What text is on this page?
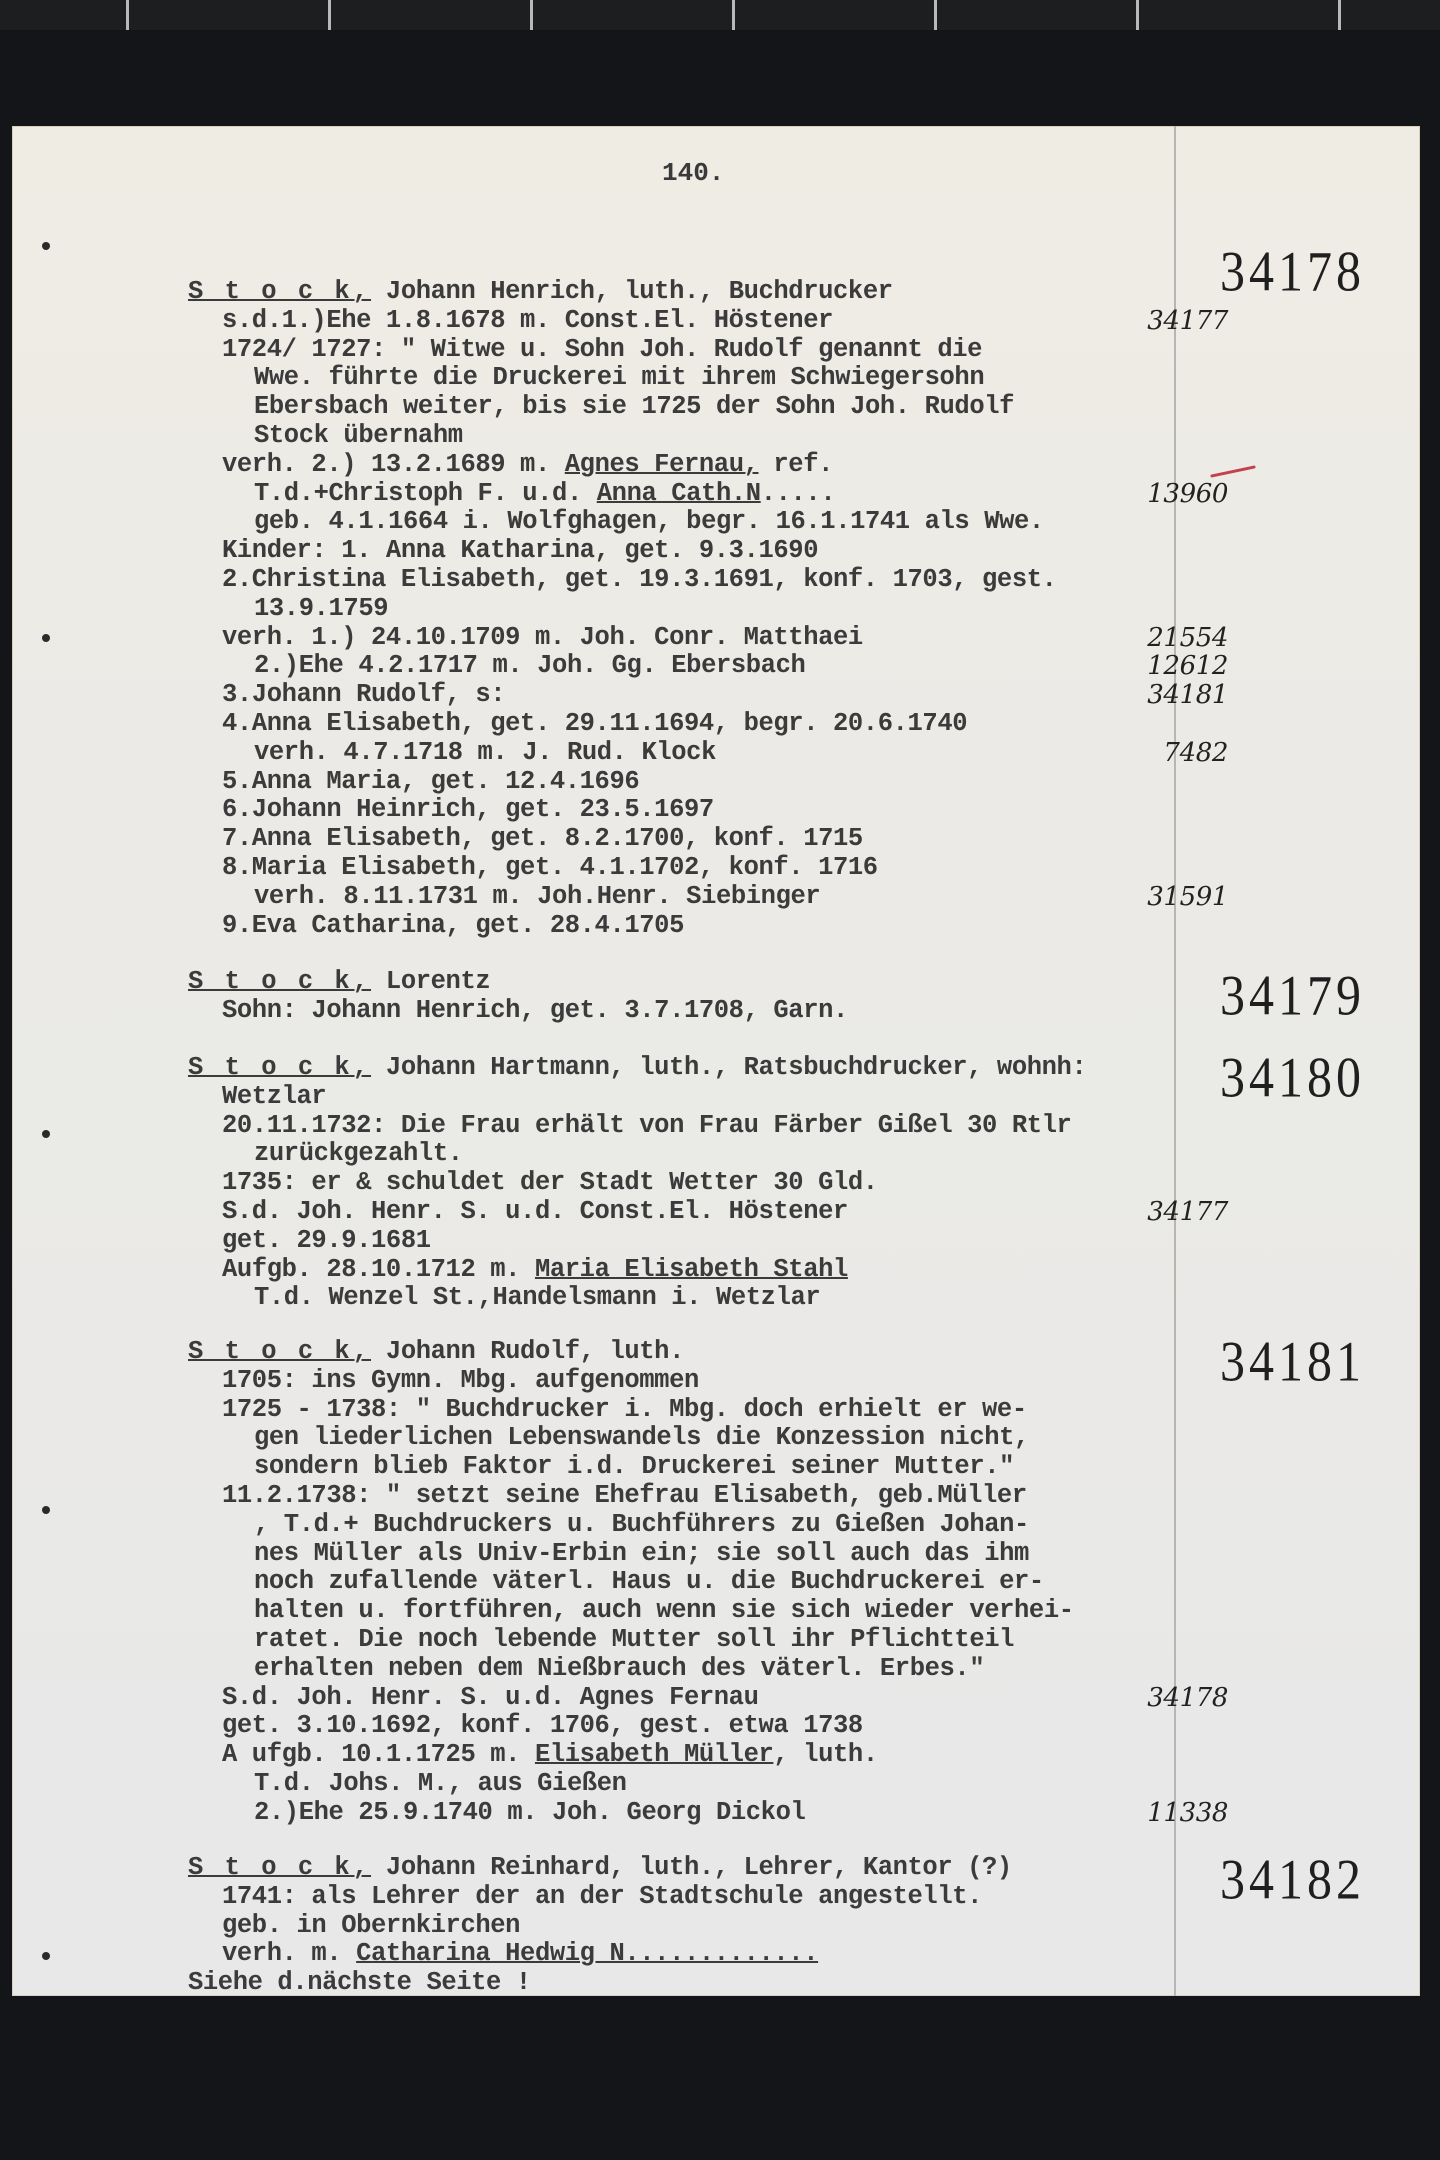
140.
34178
34179
34180
34181
34182
S t o c k, Johann Henrich, luth., Buchdrucker
s.d.1.)Ehe 1.8.1678 m. Const.El. Höstener	34177
1724/ 1727: " Witwe u. Sohn Joh. Rudolf genannt die
Wwe. führte die Druckerei mit ihrem Schwiegersohn
Ebersbach weiter, bis sie 1725 der Sohn Joh. Rudolf
Stock übernahm
verh. 2.) 13.2.1689 m. Agnes Fernau, ref.
T.d.+Christoph F. u.d. Anna Cath.N.....	13960
geb. 4.1.1664 i. Wolfghagen, begr. 16.1.1741 als Wwe.
Kinder: 1. Anna Katharina, get. 9.3.1690
2.Christina Elisabeth, get. 19.3.1691, konf. 1703, gest.
13.9.1759
verh. 1.) 24.10.1709 m. Joh. Conr. Matthaei	21554
2.)Ehe 4.2.1717 m. Joh. Gg. Ebersbach	12612
3.Johann Rudolf, s:	34181
4.Anna Elisabeth, get. 29.11.1694, begr. 20.6.1740
verh. 4.7.1718 m. J. Rud. Klock	7482
5.Anna Maria, get. 12.4.1696
6.Johann Heinrich, get. 23.5.1697
7.Anna Elisabeth, get. 8.2.1700, konf. 1715
8.Maria Elisabeth, get. 4.1.1702, konf. 1716
verh. 8.11.1731 m. Joh.Henr. Siebinger	31591
9.Eva Catharina, get. 28.4.1705
S t o c k, Lorentz
Sohn: Johann Henrich, get. 3.7.1708, Garn.
S t o c k, Johann Hartmann, luth., Ratsbuchdrucker, wohnh:
Wetzlar
20.11.1732: Die Frau erhält von Frau Färber Gißel 30 Rtlr
zurückgezahlt.
1735: er & schuldet der Stadt Wetter 30 Gld.
S.d. Joh. Henr. S. u.d. Const.El. Höstener	34177
get. 29.9.1681
Aufgb. 28.10.1712 m. Maria Elisabeth Stahl
T.d. Wenzel St.,Handelsmann i. Wetzlar
S t o c k, Johann Rudolf, luth.
1705: ins Gymn. Mbg. aufgenommen
1725 - 1738: " Buchdrucker i. Mbg. doch erhielt er we-
gen liederlichen Lebenswandels die Konzession nicht,
sondern blieb Faktor i.d. Druckerei seiner Mutter."
11.2.1738: " setzt seine Ehefrau Elisabeth, geb.Müller
, T.d.+ Buchdruckers u. Buchführers zu Gießen Johan-
nes Müller als Univ-Erbin ein; sie soll auch das ihm
noch zufallende väterl. Haus u. die Buchdruckerei er-
halten u. fortführen, auch wenn sie sich wieder verhei-
ratet. Die noch lebende Mutter soll ihr Pflichtteil
erhalten neben dem Nießbrauch des väterl. Erbes."
S.d. Joh. Henr. S. u.d. Agnes Fernau	34178
get. 3.10.1692, konf. 1706, gest. etwa 1738
A ufgb. 10.1.1725 m. Elisabeth Müller, luth.
T.d. Johs. M., aus Gießen
2.)Ehe 25.9.1740 m. Joh. Georg Dickol	11338
S t o c k, Johann Reinhard, luth., Lehrer, Kantor (?)
1741: als Lehrer der an der Stadtschule angestellt.
geb. in Obernkirchen
verh. m. Catharina Hedwig N.............
Siehe d.nächste Seite !
